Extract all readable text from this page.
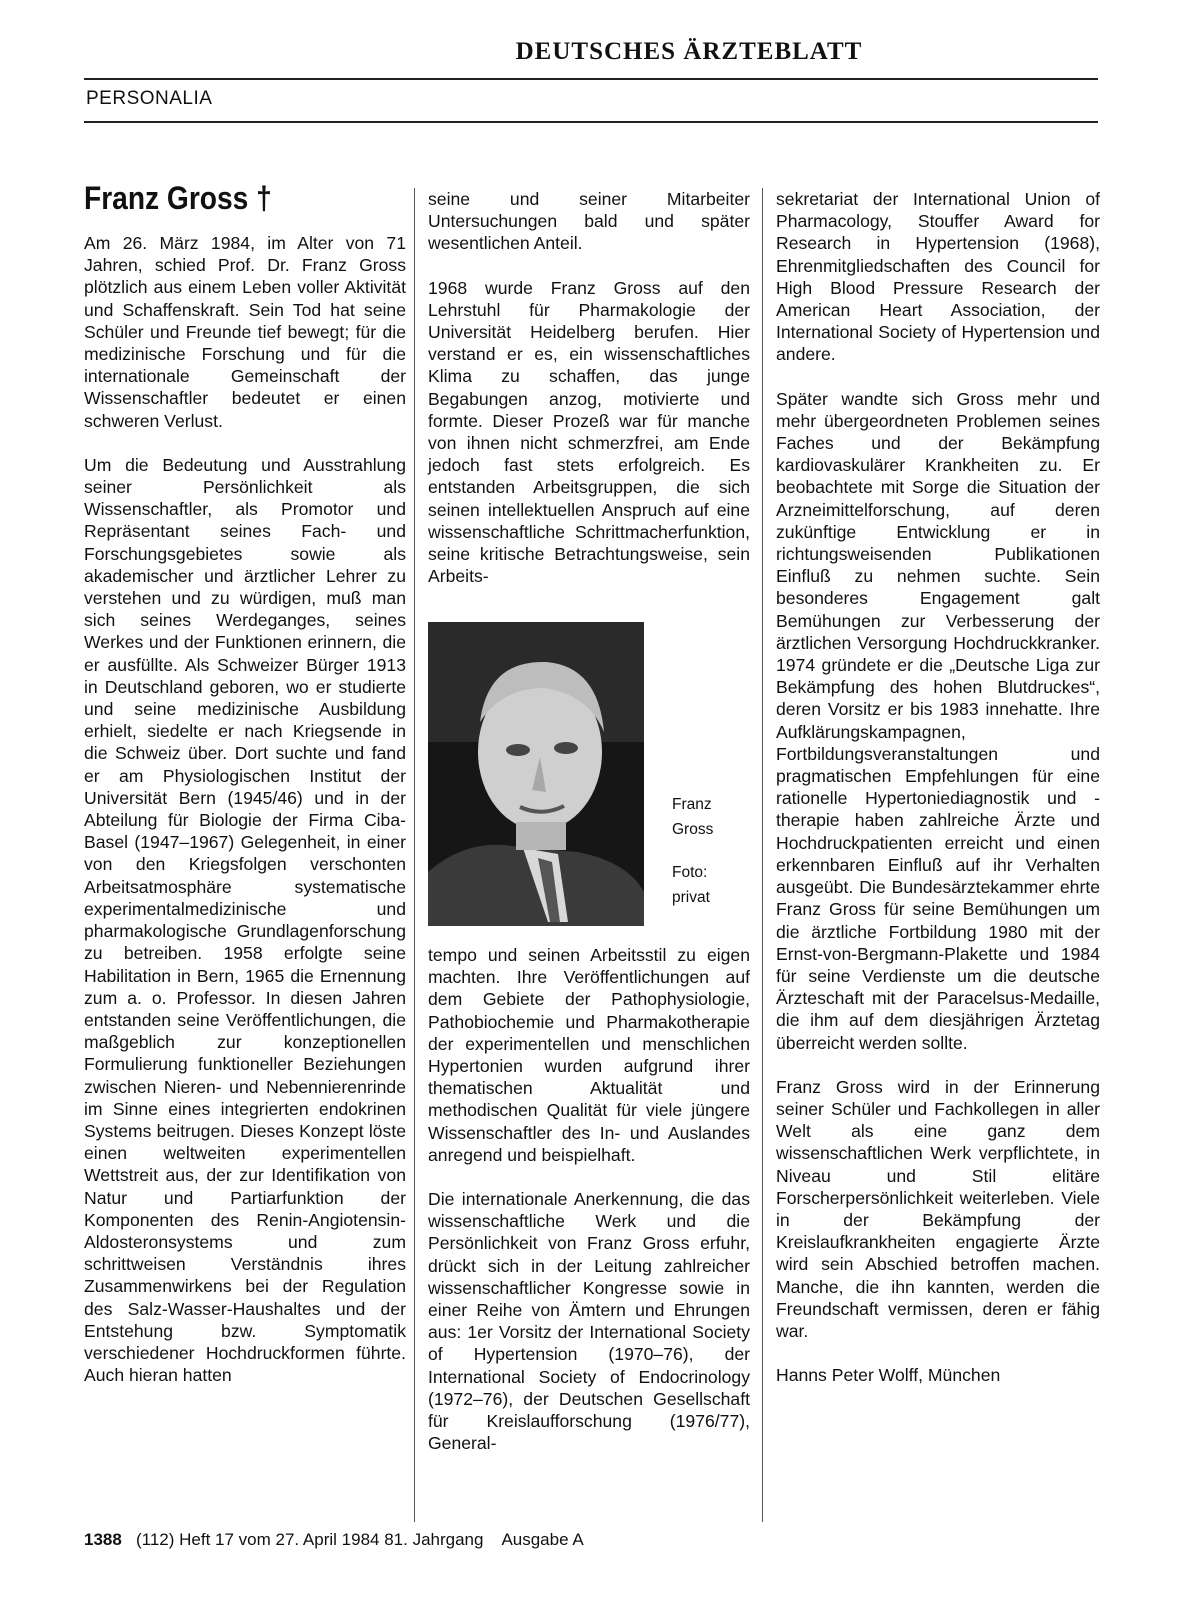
DEUTSCHES ÄRZTEBLATT
PERSONALIA
Franz Gross †

Am 26. März 1984, im Alter von 71 Jahren, schied Prof. Dr. Franz Gross plötzlich aus einem Leben voller Aktivität und Schaffenskraft. Sein Tod hat seine Schüler und Freunde tief bewegt; für die medizinische Forschung und für die internationale Gemeinschaft der Wissenschaftler bedeutet er einen schweren Verlust.

Um die Bedeutung und Ausstrahlung seiner Persönlichkeit als Wissenschaftler, als Promotor und Repräsentant seines Fach- und Forschungsgebietes sowie als akademischer und ärztlicher Lehrer zu verstehen und zu würdigen, muß man sich seines Werdeganges, seines Werkes und der Funktionen erinnern, die er ausfüllte. Als Schweizer Bürger 1913 in Deutschland geboren, wo er studierte und seine medizinische Ausbildung erhielt, siedelte er nach Kriegsende in die Schweiz über. Dort suchte und fand er am Physiologischen Institut der Universität Bern (1945/46) und in der Abteilung für Biologie der Firma Ciba-Basel (1947–1967) Gelegenheit, in einer von den Kriegsfolgen verschonten Arbeitsatmosphäre systematische experimentalmedizinische und pharmakologische Grundlagenforschung zu betreiben. 1958 erfolgte seine Habilitation in Bern, 1965 die Ernennung zum a. o. Professor. In diesen Jahren entstanden seine Veröffentlichungen, die maßgeblich zur konzeptionellen Formulierung funktioneller Beziehungen zwischen Nieren- und Nebennierenrinde im Sinne eines integrierten endokrinen Systems beitrugen. Dieses Konzept löste einen weltweiten experimentellen Wettstreit aus, der zur Identifikation von Natur und Partiarfunktion der Komponenten des Renin-Angiotensin-Aldosteronsystems und zum schrittweisen Verständnis ihres Zusammenwirkens bei der Regulation des Salz-Wasser-Haushaltes und der Entstehung bzw. Symptomatik verschiedener Hochdruckformen führte. Auch hieran hatten

seine und seiner Mitarbeiter Untersuchungen bald und später wesentlichen Anteil.

1968 wurde Franz Gross auf den Lehrstuhl für Pharmakologie der Universität Heidelberg berufen. Hier verstand er es, ein wissenschaftliches Klima zu schaffen, das junge Begabungen anzog, motivierte und formte. Dieser Prozeß war für manche von ihnen nicht schmerzfrei, am Ende jedoch fast stets erfolgreich. Es entstanden Arbeitsgruppen, die sich seinen intellektuellen Anspruch auf eine wissenschaftliche Schrittmacherfunktion, seine kritische Betrachtungsweise, sein Arbeits-

Franz
Gross
Foto:
privat

tempo und seinen Arbeitsstil zu eigen machten. Ihre Veröffentlichungen auf dem Gebiete der Pathophysiologie, Pathobiochemie und Pharmakotherapie der experimentellen und menschlichen Hypertonien wurden aufgrund ihrer thematischen Aktualität und methodischen Qualität für viele jüngere Wissenschaftler des In- und Auslandes anregend und beispielhaft.

Die internationale Anerkennung, die das wissenschaftliche Werk und die Persönlichkeit von Franz Gross erfuhr, drückt sich in der Leitung zahlreicher wissenschaftlicher Kongresse sowie in einer Reihe von Ämtern und Ehrungen aus: 1er Vorsitz der International Society of Hypertension (1970–76), der International Society of Endocrinology (1972–76), der Deutschen Gesellschaft für Kreislaufforschung (1976/77), General-

sekretariat der International Union of Pharmacology, Stouffer Award for Research in Hypertension (1968), Ehrenmitgliedschaften des Council for High Blood Pressure Research der American Heart Association, der International Society of Hypertension und andere.

Später wandte sich Gross mehr und mehr übergeordneten Problemen seines Faches und der Bekämpfung kardiovaskulärer Krankheiten zu. Er beobachtete mit Sorge die Situation der Arzneimittelforschung, auf deren zukünftige Entwicklung er in richtungsweisenden Publikationen Einfluß zu nehmen suchte. Sein besonderes Engagement galt Bemühungen zur Verbesserung der ärztlichen Versorgung Hochdruckkranker. 1974 gründete er die „Deutsche Liga zur Bekämpfung des hohen Blutdruckes“, deren Vorsitz er bis 1983 innehatte. Ihre Aufklärungskampagnen, Fortbildungsveranstaltungen und pragmatischen Empfehlungen für eine rationelle Hypertoniediagnostik und -therapie haben zahlreiche Ärzte und Hochdruckpatienten erreicht und einen erkennbaren Einfluß auf ihr Verhalten ausgeübt. Die Bundesärztekammer ehrte Franz Gross für seine Bemühungen um die ärztliche Fortbildung 1980 mit der Ernst-von-Bergmann-Plakette und 1984 für seine Verdienste um die deutsche Ärzteschaft mit der Paracelsus-Medaille, die ihm auf dem diesjährigen Ärztetag überreicht werden sollte.

Franz Gross wird in der Erinnerung seiner Schüler und Fachkollegen in aller Welt als eine ganz dem wissenschaftlichen Werk verpflichtete, in Niveau und Stil elitäre Forscherpersönlichkeit weiterleben. Viele in der Bekämpfung der Kreislaufkrankheiten engagierte Ärzte wird sein Abschied betroffen machen. Manche, die ihn kannten, werden die Freundschaft vermissen, deren er fähig war.

Hanns Peter Wolff, München
1388 (112) Heft 17 vom 27. April 1984 81. Jahrgang Ausgabe A
